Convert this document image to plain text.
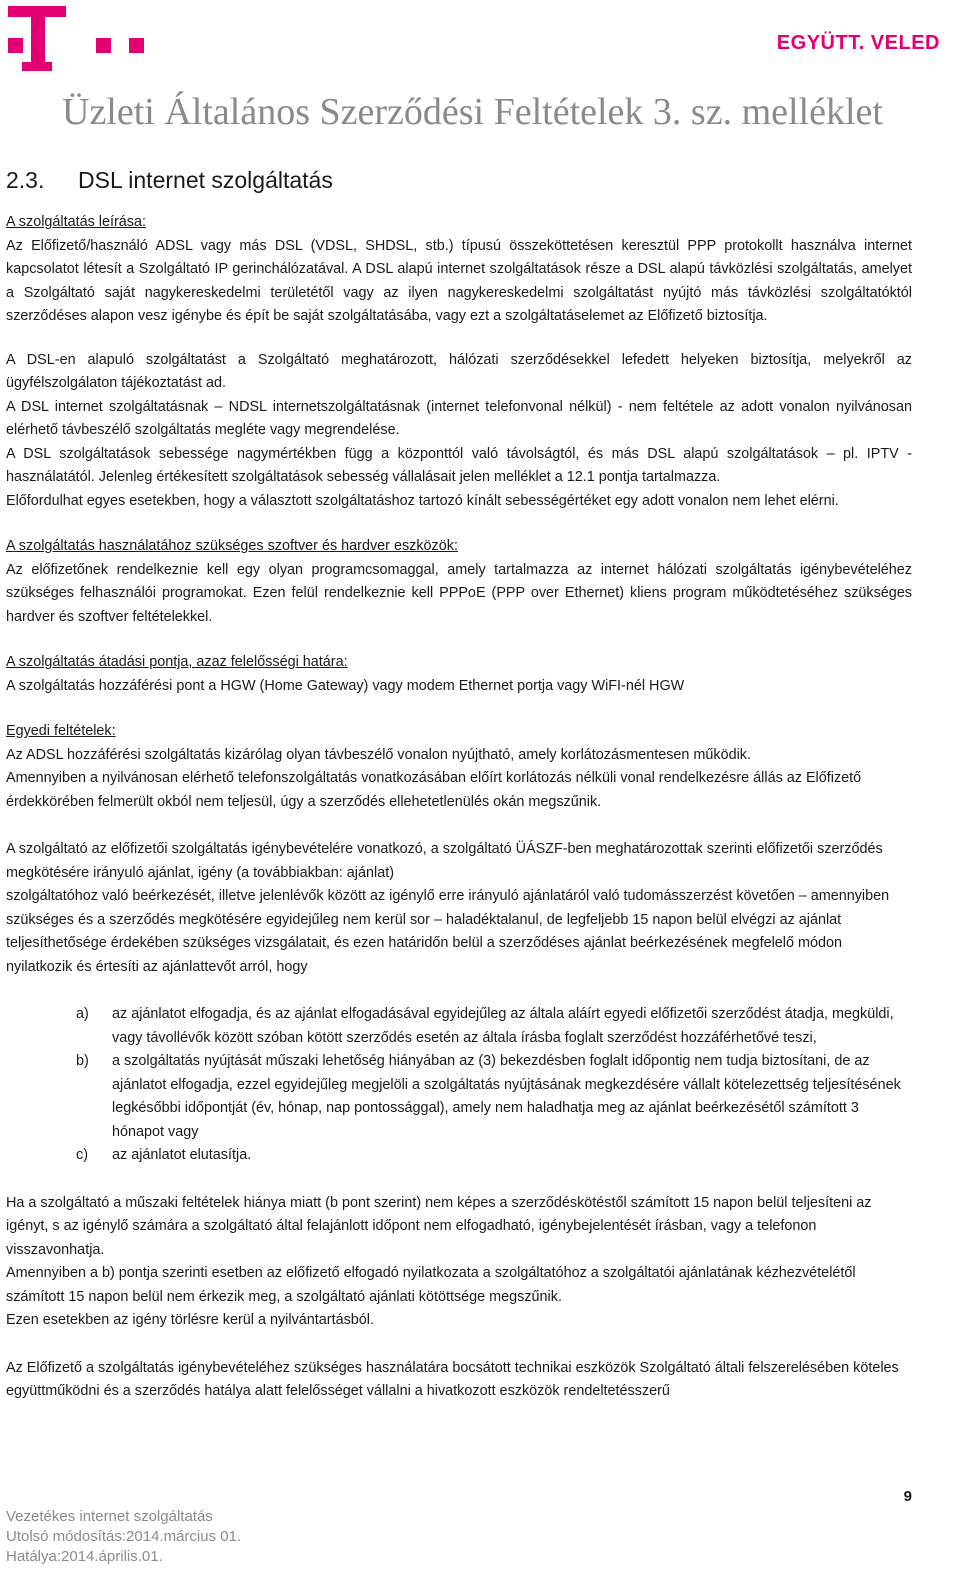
EGYÜTT. VELED
Üzleti Általános Szerződési Feltételek 3. sz. melléklet
2.3. DSL internet szolgáltatás

A szolgáltatás leírása:

Az Előfizető/használó ADSL vagy más DSL (VDSL, SHDSL, stb.) típusú összeköttetésen keresztül PPP protokollt használva internet kapcsolatot létesít a Szolgáltató IP gerinchálózatával. A DSL alapú internet szolgáltatások része a DSL alapú távközlési szolgáltatás, amelyet a Szolgáltató saját nagykereskedelmi területétől vagy az ilyen nagykereskedelmi szolgáltatást nyújtó más távközlési szolgáltatóktól szerződéses alapon vesz igénybe és épít be saját szolgáltatásába, vagy ezt a szolgáltatáselemet az Előfizető biztosítja.

A DSL-en alapuló szolgáltatást a Szolgáltató meghatározott, hálózati szerződésekkel lefedett helyeken biztosítja, melyekről az ügyfélszolgálaton tájékoztatást ad.

A DSL internet szolgáltatásnak – NDSL internetszolgáltatásnak (internet telefonvonal nélkül) - nem feltétele az adott vonalon nyilvánosan elérhető távbeszélő szolgáltatás megléte vagy megrendelése.

A DSL szolgáltatások sebessége nagymértékben függ a központtól való távolságtól, és más DSL alapú szolgáltatások – pl. IPTV - használatától. Jelenleg értékesített szolgáltatások sebesség vállalásait jelen melléklet a 12.1 pontja tartalmazza.

Előfordulhat egyes esetekben, hogy a választott szolgáltatáshoz tartozó kínált sebességértéket egy adott vonalon nem lehet elérni.

A szolgáltatás használatához szükséges szoftver és hardver eszközök:

Az előfizetőnek rendelkeznie kell egy olyan programcsomaggal, amely tartalmazza az internet hálózati szolgáltatás igénybevételéhez szükséges felhasználói programokat. Ezen felül rendelkeznie kell PPPoE (PPP over Ethernet) kliens program működtetéséhez szükséges hardver és szoftver feltételekkel.

A szolgáltatás átadási pontja, azaz felelősségi határa:

A szolgáltatás hozzáférési pont a HGW (Home Gateway) vagy modem Ethernet portja vagy WiFI-nél HGW

Egyedi feltételek:

Az ADSL hozzáférési szolgáltatás kizárólag olyan távbeszélő vonalon nyújtható, amely korlátozásmentesen működik.

Amennyiben a nyilvánosan elérhető telefonszolgáltatás vonatkozásában előírt korlátozás nélküli vonal rendelkezésre állás az Előfizető érdekkörében felmerült okból nem teljesül, úgy a szerződés ellehetetlenülés okán megszűnik.

A szolgáltató az előfizetői szolgáltatás igénybevételére vonatkozó, a szolgáltató ÜÁSZF-ben meghatározottak szerinti előfizetői szerződés megkötésére irányuló ajánlat, igény (a továbbiakban: ajánlat)

szolgáltatóhoz való beérkezését, illetve jelenlévők között az igénylő erre irányuló ajánlatáról való tudomásszerzést követően – amennyiben szükséges és a szerződés megkötésére egyidejűleg nem kerül sor – haladéktalanul, de legfeljebb 15 napon belül elvégzi az ajánlat teljesíthetősége érdekében szükséges vizsgálatait, és ezen határidőn belül a szerződéses ajánlat beérkezésének megfelelő módon nyilatkozik és értesíti az ajánlattevőt arról, hogy

a) az ajánlatot elfogadja, és az ajánlat elfogadásával egyidejűleg az általa aláírt egyedi előfizetői szerződést átadja, megküldi, vagy távollévők között szóban kötött szerződés esetén az általa írásba foglalt szerződést hozzáférhetővé teszi,
b) a szolgáltatás nyújtását műszaki lehetőség hiányában az (3) bekezdésben foglalt időpontig nem tudja biztosítani, de az ajánlatot elfogadja, ezzel egyidejűleg megjelöli a szolgáltatás nyújtásának megkezdésére vállalt kötelezettség teljesítésének legkésőbbi időpontját (év, hónap, nap pontossággal), amely nem haladhatja meg az ajánlat beérkezésétől számított 3 hónapot vagy
c) az ajánlatot elutasítja.

Ha a szolgáltató a műszaki feltételek hiánya miatt (b pont szerint) nem képes a szerződéskötéstől számított 15 napon belül teljesíteni az igényt, s az igénylő számára a szolgáltató által felajánlott időpont nem elfogadható, igénybejelentését írásban, vagy a telefonon visszavonhatja.

Amennyiben a b) pontja szerinti esetben az előfizető elfogadó nyilatkozata a szolgáltatóhoz a szolgáltatói ajánlatának kézhezvételétől számított 15 napon belül nem érkezik meg, a szolgáltató ajánlati kötöttsége megszűnik.

Ezen esetekben az igény törlésre kerül a nyilvántartásból.

Az Előfizető a szolgáltatás igénybevételéhez szükséges használatára bocsátott technikai eszközök Szolgáltató általi felszerelésében köteles együttműködni és a szerződés hatálya alatt felelősséget vállalni a hivatkozott eszközök rendeltetésszerű

9
Vezetékes internet szolgáltatás
Utolsó módosítás:2014.március 01.
Hatálya:2014.április.01.
